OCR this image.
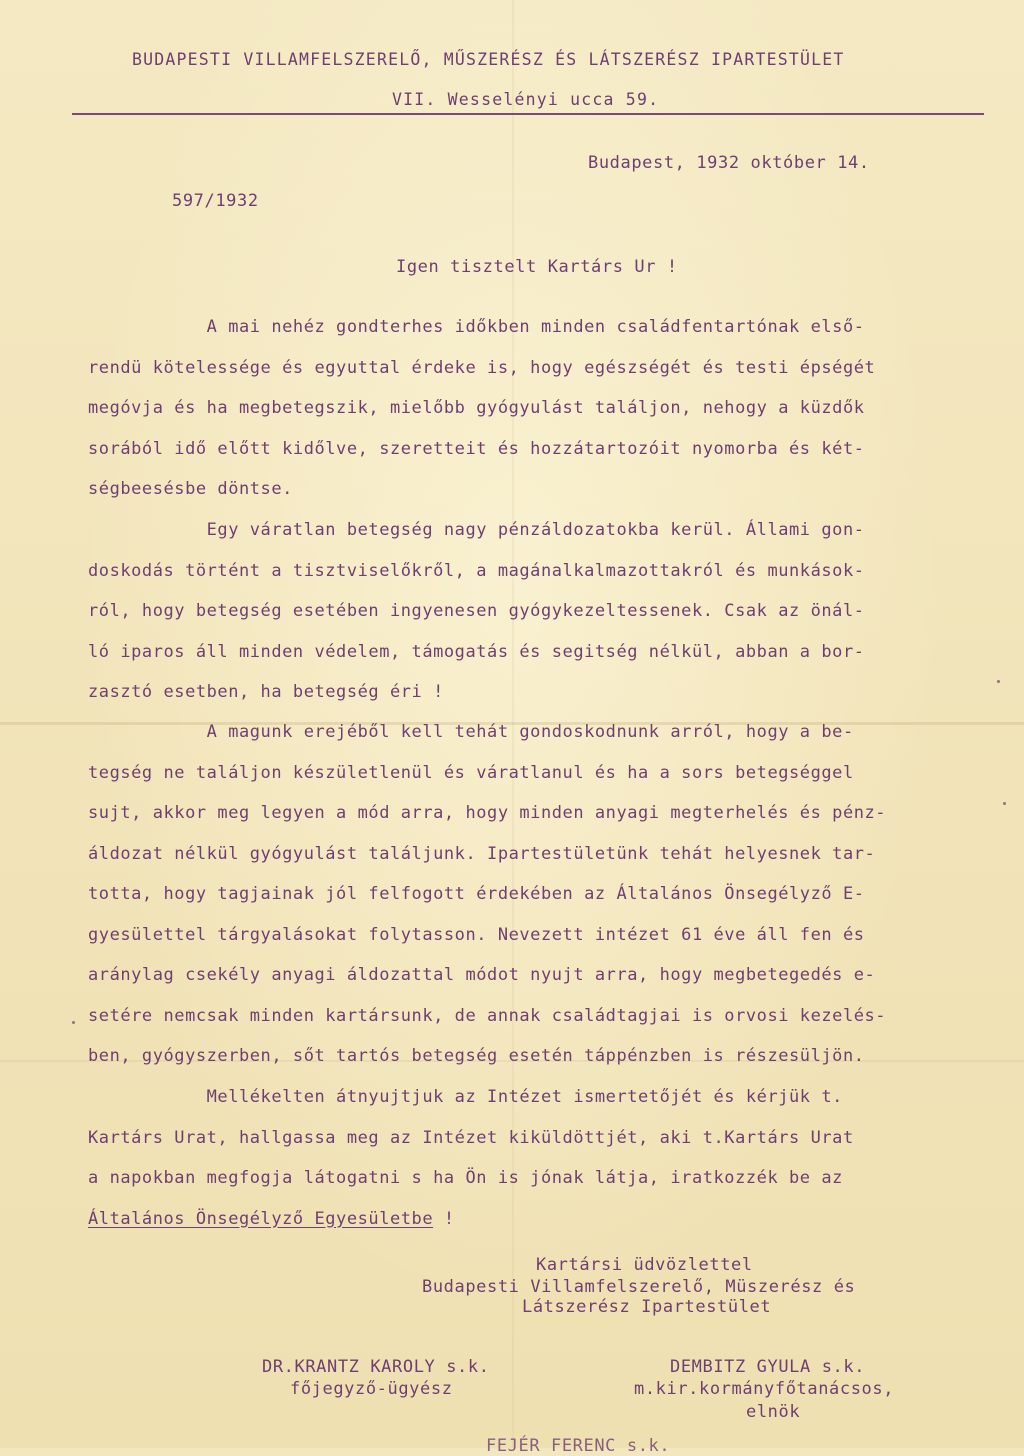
BUDAPESTI VILLAMFELSZERELŐ, MŰSZERÉSZ ÉS LÁTSZERÉSZ IPARTESTÜLET
VII. Wesselényi ucca 59.
Budapest, 1932 október 14.
597/1932
Igen tisztelt Kartárs Ur !
A mai nehéz gondterhes időkben minden családfentartónak első-
rendü kötelessége és egyuttal érdeke is, hogy egészségét és testi épségét
megóvja és ha megbetegszik, mielőbb gyógyulást találjon, nehogy a küzdők
sorából idő előtt kidőlve, szeretteit és hozzátartozóit nyomorba és két-
ségbeesésbe döntse.
Egy váratlan betegség nagy pénzáldozatokba kerül. Állami gon-
doskodás történt a tisztviselőkről, a magánalkalmazottakról és munkások-
ról, hogy betegség esetében ingyenesen gyógykezeltessenek. Csak az önál-
ló iparos áll minden védelem, támogatás és segitség nélkül, abban a bor-
zasztó esetben, ha betegség éri !
A magunk erejéből kell tehát gondoskodnunk arról, hogy a be-
tegség ne találjon készületlenül és váratlanul és ha a sors betegséggel
sujt, akkor meg legyen a mód arra, hogy minden anyagi megterhelés és pénz-
áldozat nélkül gyógyulást találjunk. Ipartestületünk tehát helyesnek tar-
totta, hogy tagjainak jól felfogott érdekében az Általános Önsegélyző E-
gyesülettel tárgyalásokat folytasson. Nevezett intézet 61 éve áll fen és
aránylag csekély anyagi áldozattal módot nyujt arra, hogy megbetegedés e-
setére nemcsak minden kartársunk, de annak családtagjai is orvosi kezelés-
ben, gyógyszerben, sőt tartós betegség esetén táppénzben is részesüljön.
Mellékelten átnyujtjuk az Intézet ismertetőjét és kérjük t.
Kartárs Urat, hallgassa meg az Intézet kiküldöttjét, aki t.Kartárs Urat
a napokban megfogja látogatni s ha Ön is jónak látja, iratkozzék be az
Általános Önsegélyző Egyesületbe !
Kartársi üdvözlettel
Budapesti Villamfelszerelő, Müszerész és
Látszerész Ipartestület
DR.KRANTZ KAROLY s.k.
főjegyző-ügyész
DEMBITZ GYULA s.k.
m.kir.kormányfőtanácsos,
elnök
FEJÉR FERENC s.k.
